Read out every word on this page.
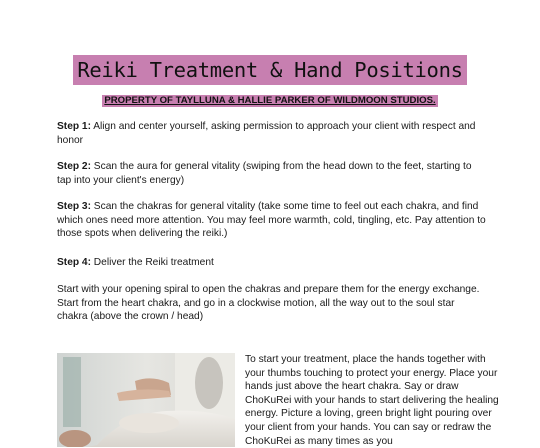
Reiki Treatment & Hand Positions
PROPERTY OF TAYLLUNA & HALLIE PARKER OF WILDMOON STUDIOS.

Step 1: Align and center yourself, asking permission to approach your client with respect and honor

Step 2: Scan the aura for general vitality (swiping from the head down to the feet, starting to tap into your client's energy)

Step 3: Scan the chakras for general vitality (take some time to feel out each chakra, and find which ones need more attention. You may feel more warmth, cold, tingling, etc. Pay attention to those spots when delivering the reiki.)

Step 4: Deliver the Reiki treatment

Start with your opening spiral to open the chakras and prepare them for the energy exchange. Start from the heart chakra, and go in a clockwise motion, all the way out to the soul star chakra (above the crown / head)

To start your treatment, place the hands together with your thumbs touching to protect your energy. Place your hands just above the heart chakra. Say or draw ChoKuRei with your hands to start delivering the healing energy. Picture a loving, green bright light pouring over your client from your hands. You can say or redraw the ChoKuRei as many times as you
